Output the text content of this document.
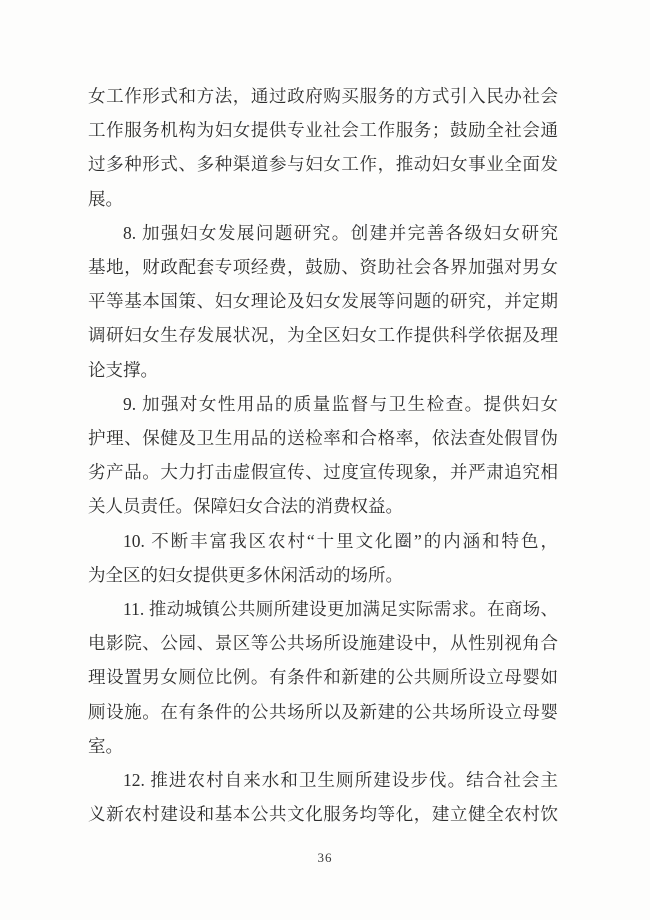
女工作形式和方法，通过政府购买服务的方式引入民办社会
工作服务机构为妇女提供专业社会工作服务；鼓励全社会通
过多种形式、多种渠道参与妇女工作，推动妇女事业全面发
展。
8. 加强妇女发展问题研究。创建并完善各级妇女研究
基地，财政配套专项经费，鼓励、资助社会各界加强对男女
平等基本国策、妇女理论及妇女发展等问题的研究，并定期
调研妇女生存发展状况，为全区妇女工作提供科学依据及理
论支撑。
9. 加强对女性用品的质量监督与卫生检查。提供妇女
护理、保健及卫生用品的送检率和合格率，依法查处假冒伪
劣产品。大力打击虚假宣传、过度宣传现象，并严肃追究相
关人员责任。保障妇女合法的消费权益。
10. 不断丰富我区农村“十里文化圈”的内涵和特色，
为全区的妇女提供更多休闲活动的场所。
11. 推动城镇公共厕所建设更加满足实际需求。在商场、
电影院、公园、景区等公共场所设施建设中，从性别视角合
理设置男女厕位比例。有条件和新建的公共厕所设立母婴如
厕设施。在有条件的公共场所以及新建的公共场所设立母婴
室。
12. 推进农村自来水和卫生厕所建设步伐。结合社会主
义新农村建设和基本公共文化服务均等化，建立健全农村饮
36
